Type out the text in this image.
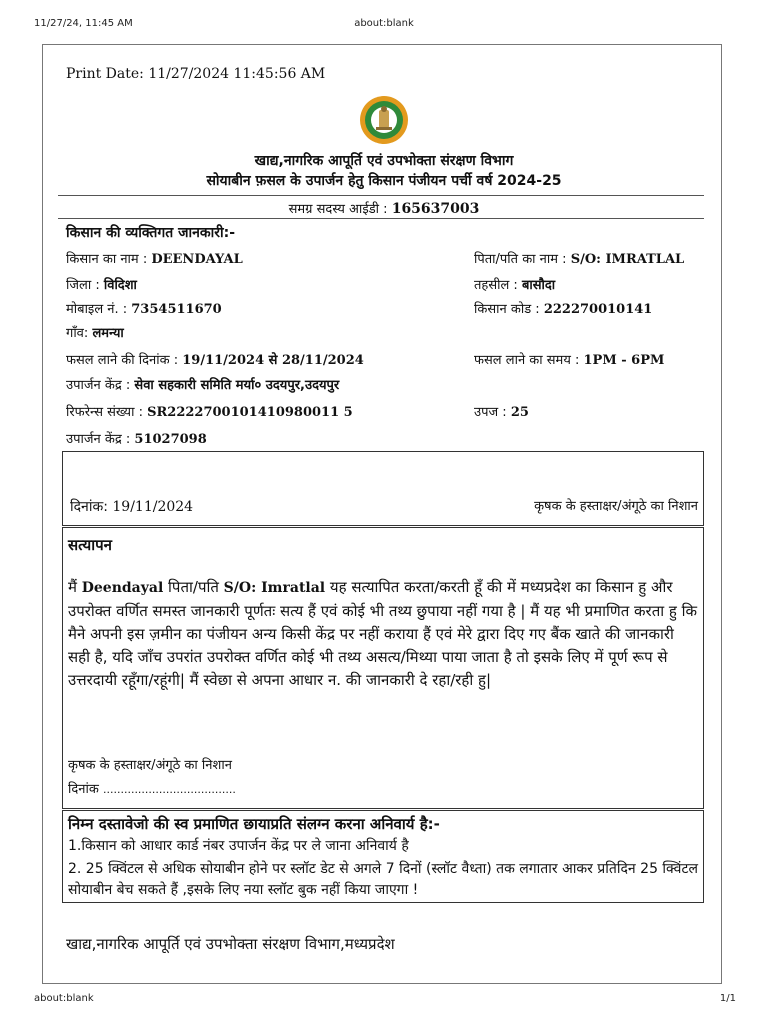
11/27/24, 11:45 AM	about:blank
Print Date: 11/27/2024 11:45:56 AM
खाद्य,नागरिक आपूर्ति एवं उपभोक्ता संरक्षण विभाग
सोयाबीन फ़सल के उपार्जन हेतु किसान पंजीयन पर्ची वर्ष 2024-25
समग्र सदस्य आईडी : 165637003
किसान की व्यक्तिगत जानकारी:-
किसान का नाम : DEENDAYAL	पिता/पति का नाम : S/O: IMRATLAL
जिला : विदिशा	तहसील : बासौदा
मोबाइल नं. : 7354511670	किसान कोड : 222270010141
गाँव: लमन्या
फसल लाने की दिनांक : 19/11/2024 से 28/11/2024	फसल लाने का समय : 1PM - 6PM
उपार्जन केंद्र : सेवा सहकारी समिति मर्या० उदयपुर,उदयपुर
रिफरेन्स संख्या : SR2222700101410980011 5	उपज : 25
उपार्जन केंद्र : 51027098
दिनांक: 19/11/2024	कृषक के हस्ताक्षर/अंगूठे का निशान
सत्यापन
मैं Deendayal पिता/पति S/O: Imratlal यह सत्यापित करता/करती हूँ की में मध्यप्रदेश का किसान हु और उपरोक्त वर्णित समस्त जानकारी पूर्णतः सत्य हैं एवं कोई भी तथ्य छुपाया नहीं गया है | मैं यह भी प्रमाणित करता हु कि मैने अपनी इस ज़मीन का पंजीयन अन्य किसी केंद्र पर नहीं कराया हैं एवं मेरे द्वारा दिए गए बैंक खाते की जानकारी सही है, यदि जाँच उपरांत उपरोक्त वर्णित कोई भी तथ्य असत्य/मिथ्या पाया जाता है तो इसके लिए में पूर्ण रूप से उत्तरदायी रहूँगा/रहूंगी| मैं स्वेछा से अपना आधार न. की जानकारी दे रहा/रही हु|
कृषक के हस्ताक्षर/अंगूठे का निशान
दिनांक ......................................
निम्न दस्तावेजो की स्व प्रमाणित छायाप्रति संलग्न करना अनिवार्य है:-
1.किसान को आधार कार्ड नंबर उपार्जन केंद्र पर ले जाना अनिवार्य है
2. 25 क्विंटल से अधिक सोयाबीन होने पर स्लॉट डेट से अगले 7 दिनों (स्लॉट वैध्ता) तक लगातार आकर प्रतिदिन 25 क्विंटल सोयाबीन बेच सकते हैं ,इसके लिए नया स्लॉट बुक नहीं किया जाएगा !
खाद्य,नागरिक आपूर्ति एवं उपभोक्ता संरक्षण विभाग,मध्यप्रदेश
about:blank	1/1
